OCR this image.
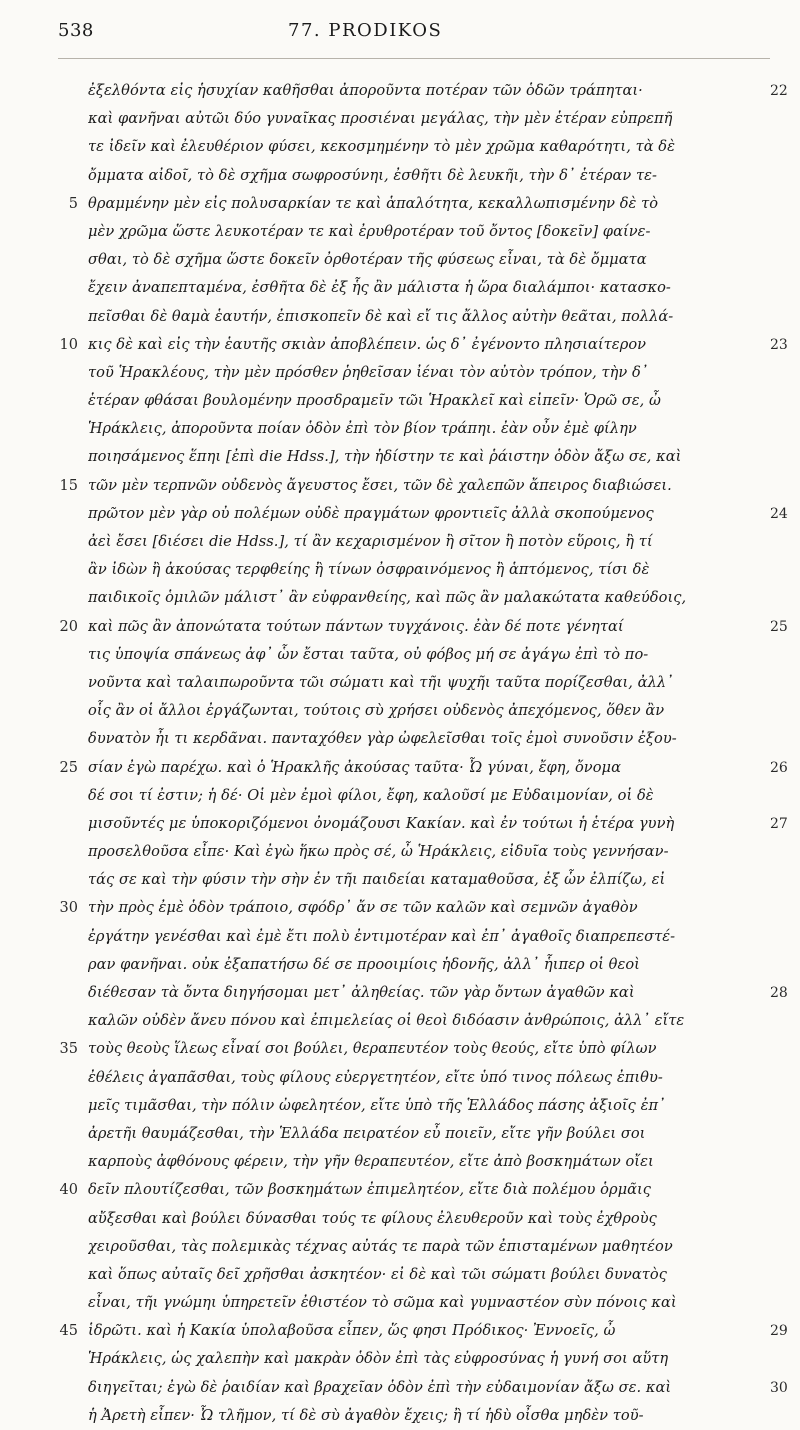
538	77. PRODIKOS
ἐξελθόντα εἰς ἡσυχίαν καθῆσθαι ἀποροῦντα ποτέραν τῶν ὁδῶν τράπηται·	22
καὶ φανῆναι αὐτῶι δύο γυναῖκας προσιέναι μεγάλας, τὴν μὲν ἑτέραν εὐπρεπῆ
τε ἰδεῖν καὶ ἐλευθέριον φύσει, κεκοσμημένην τὸ μὲν χρῶμα καθαρότητι, τὰ δὲ
ὄμματα αἰδοῖ, τὸ δὲ σχῆμα σωφροσύνηι, ἐσθῆτι δὲ λευκῆι, τὴν δ᾽ ἑτέραν τε-
5 θραμμένην μὲν εἰς πολυσαρκίαν τε καὶ ἁπαλότητα, κεκαλλωπισμένην δὲ τὸ
μὲν χρῶμα ὥστε λευκοτέραν τε καὶ ἐρυθροτέραν τοῦ ὄντος [δοκεῖν] φαίνε-
σθαι, τὸ δὲ σχῆμα ὥστε δοκεῖν ὀρθοτέραν τῆς φύσεως εἶναι, τὰ δὲ ὄμματα
ἔχειν ἀναπεπταμένα, ἐσθῆτα δὲ ἐξ ἧς ἂν μάλιστα ἡ ὥρα διαλάμποι· κατασκο-
πεῖσθαι δὲ θαμὰ ἑαυτήν, ἐπισκοπεῖν δὲ καὶ εἴ τις ἄλλος αὐτὴν θεᾶται, πολλά-
10 κις δὲ καὶ εἰς τὴν ἑαυτῆς σκιὰν ἀποβλέπειν. ὡς δ᾽ ἐγένοντο πλησιαίτερον	23
τοῦ Ἡρακλέους, τὴν μὲν πρόσθεν ῥηθεῖσαν ἰέναι τὸν αὐτὸν τρόπον, τὴν δ᾽
ἑτέραν φθάσαι βουλομένην προσδραμεῖν τῶι Ἡρακλεῖ καὶ εἰπεῖν· Ὁρῶ σε, ὦ
Ἡράκλεις, ἀποροῦντα ποίαν ὁδὸν ἐπὶ τὸν βίον τράπηι. ἐὰν οὖν ἐμὲ φίλην
ποιησάμενος ἕπηι [ἐπὶ die Hdss.], τὴν ἡδίστην τε καὶ ῥάιστην ὁδὸν ἄξω σε, καὶ
15 τῶν μὲν τερπνῶν οὐδενὸς ἄγευστος ἔσει, τῶν δὲ χαλεπῶν ἄπειρος διαβιώσει.
πρῶτον μὲν γὰρ οὐ πολέμων οὐδὲ πραγμάτων φροντιεῖς ἀλλὰ σκοπούμενος	24
ἀεὶ ἔσει [διέσει die Hdss.], τί ἂν κεχαρισμένον ἢ σῖτον ἢ ποτὸν εὕροις, ἢ τί
ἂν ἰδὼν ἢ ἀκούσας τερφθείης ἢ τίνων ὀσφραινόμενος ἢ ἁπτόμενος, τίσι δὲ
παιδικοῖς ὁμιλῶν μάλιστ᾽ ἂν εὐφρανθείης, καὶ πῶς ἂν μαλακώτατα καθεύδοις,
20 καὶ πῶς ἂν ἀπονώτατα τούτων πάντων τυγχάνοις. ἐὰν δέ ποτε γένηταί	25
τις ὑποψία σπάνεως ἀφ᾽ ὧν ἔσται ταῦτα, οὐ φόβος μή σε ἀγάγω ἐπὶ τὸ πο-
νοῦντα καὶ ταλαιπωροῦντα τῶι σώματι καὶ τῆι ψυχῆι ταῦτα πορίζεσθαι, ἀλλ᾽
οἷς ἂν οἱ ἄλλοι ἐργάζωνται, τούτοις σὺ χρήσει οὐδενὸς ἀπεχόμενος, ὅθεν ἂν
δυνατὸν ἦι τι κερδᾶναι. πανταχόθεν γὰρ ὠφελεῖσθαι τοῖς ἐμοὶ συνοῦσιν ἐξου-
25 σίαν ἐγὼ παρέχω. καὶ ὁ Ἡρακλῆς ἀκούσας ταῦτα· Ὦ γύναι, ἔφη, ὄνομα	26
δέ σοι τί ἐστιν; ἡ δέ· Οἱ μὲν ἐμοὶ φίλοι, ἔφη, καλοῦσί με Εὐδαιμονίαν, οἱ δὲ
μισοῦντές με ὑποκοριζόμενοι ὀνομάζουσι Κακίαν. καὶ ἐν τούτωι ἡ ἑτέρα γυνὴ	27
προσελθοῦσα εἶπε· Καὶ ἐγὼ ἥκω πρὸς σέ, ὦ Ἡράκλεις, εἰδυῖα τοὺς γεννήσαν-
τάς σε καὶ τὴν φύσιν τὴν σὴν ἐν τῆι παιδείαι καταμαθοῦσα, ἐξ ὧν ἐλπίζω, εἰ
30 τὴν πρὸς ἐμὲ ὁδὸν τράποιο, σφόδρ᾽ ἄν σε τῶν καλῶν καὶ σεμνῶν ἀγαθὸν
ἐργάτην γενέσθαι καὶ ἐμὲ ἔτι πολὺ ἐντιμοτέραν καὶ ἐπ᾽ ἀγαθοῖς διαπρεπεστέ-
ραν φανῆναι. οὐκ ἐξαπατήσω δέ σε προοιμίοις ἡδονῆς, ἀλλ᾽ ἧιπερ οἱ θεοὶ
διέθεσαν τὰ ὄντα διηγήσομαι μετ᾽ ἀληθείας. τῶν γὰρ ὄντων ἀγαθῶν καὶ	28
καλῶν οὐδὲν ἄνευ πόνου καὶ ἐπιμελείας οἱ θεοὶ διδόασιν ἀνθρώποις, ἀλλ᾽ εἴτε
35 τοὺς θεοὺς ἵλεως εἶναί σοι βούλει, θεραπευτέον τοὺς θεούς, εἴτε ὑπὸ φίλων
ἐθέλεις ἀγαπᾶσθαι, τοὺς φίλους εὐεργετητέον, εἴτε ὑπό τινος πόλεως ἐπιθυ-
μεῖς τιμᾶσθαι, τὴν πόλιν ὠφελητέον, εἴτε ὑπὸ τῆς Ἑλλάδος πάσης ἀξιοῖς ἐπ᾽
ἀρετῆι θαυμάζεσθαι, τὴν Ἑλλάδα πειρατέον εὖ ποιεῖν, εἴτε γῆν βούλει σοι
καρποὺς ἀφθόνους φέρειν, τὴν γῆν θεραπευτέον, εἴτε ἀπὸ βοσκημάτων οἴει
40 δεῖν πλουτίζεσθαι, τῶν βοσκημάτων ἐπιμελητέον, εἴτε διὰ πολέμου ὁρμᾶις
αὔξεσθαι καὶ βούλει δύνασθαι τούς τε φίλους ἐλευθεροῦν καὶ τοὺς ἐχθροὺς
χειροῦσθαι, τὰς πολεμικὰς τέχνας αὐτάς τε παρὰ τῶν ἐπισταμένων μαθητέον
καὶ ὅπως αὐταῖς δεῖ χρῆσθαι ἀσκητέον· εἰ δὲ καὶ τῶι σώματι βούλει δυνατὸς
εἶναι, τῆι γνώμηι ὑπηρετεῖν ἐθιστέον τὸ σῶμα καὶ γυμναστέον σὺν πόνοις καὶ
45 ἱδρῶτι. καὶ ἡ Κακία ὑπολαβοῦσα εἶπεν, ὥς φησι Πρόδικος· Ἐννοεῖς, ὦ	29
Ἡράκλεις, ὡς χαλεπὴν καὶ μακρὰν ὁδὸν ἐπὶ τὰς εὐφροσύνας ἡ γυνή σοι αὕτη
διηγεῖται; ἐγὼ δὲ ῥαιδίαν καὶ βραχεῖαν ὁδὸν ἐπὶ τὴν εὐδαιμονίαν ἄξω σε. καὶ	30
ἡ Ἀρετὴ εἶπεν· Ὦ τλῆμον, τί δὲ σὺ ἀγαθὸν ἔχεις; ἢ τί ἡδὺ οἶσθα μηδὲν τοῦ-
